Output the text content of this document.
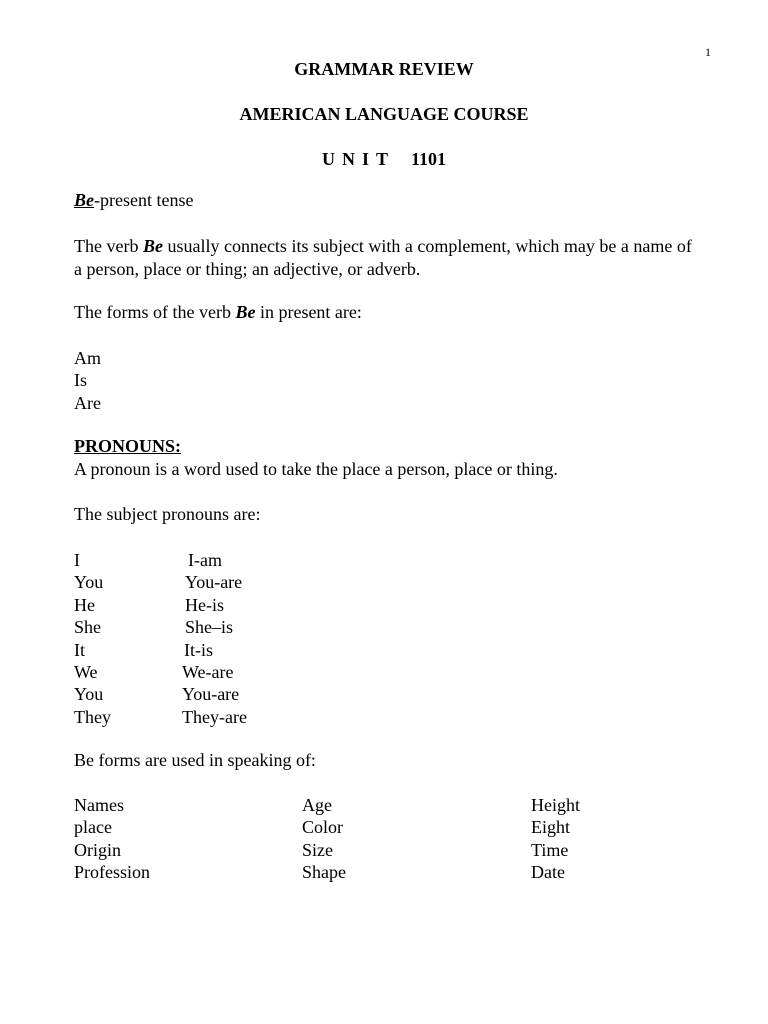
1
GRAMMAR REVIEW
AMERICAN LANGUAGE COURSE
UNIT 1101
Be-present tense
The verb Be usually connects its subject with a complement, which may be a name of a person, place or thing; an adjective, or adverb.
The forms of the verb Be in present are:
Am
Is
Are
PRONOUNS:
A pronoun is a word used to take the place a person, place or thing.
The subject pronouns are:
I
You
He
She
It
We
You
They
I-am
You-are
He-is
She–is
It-is
We-are
You-are
They-are
Be forms are used in speaking of:
Names
place
Origin
Profession
Age
Color
Size
Shape
Height
Eight
Time
Date
